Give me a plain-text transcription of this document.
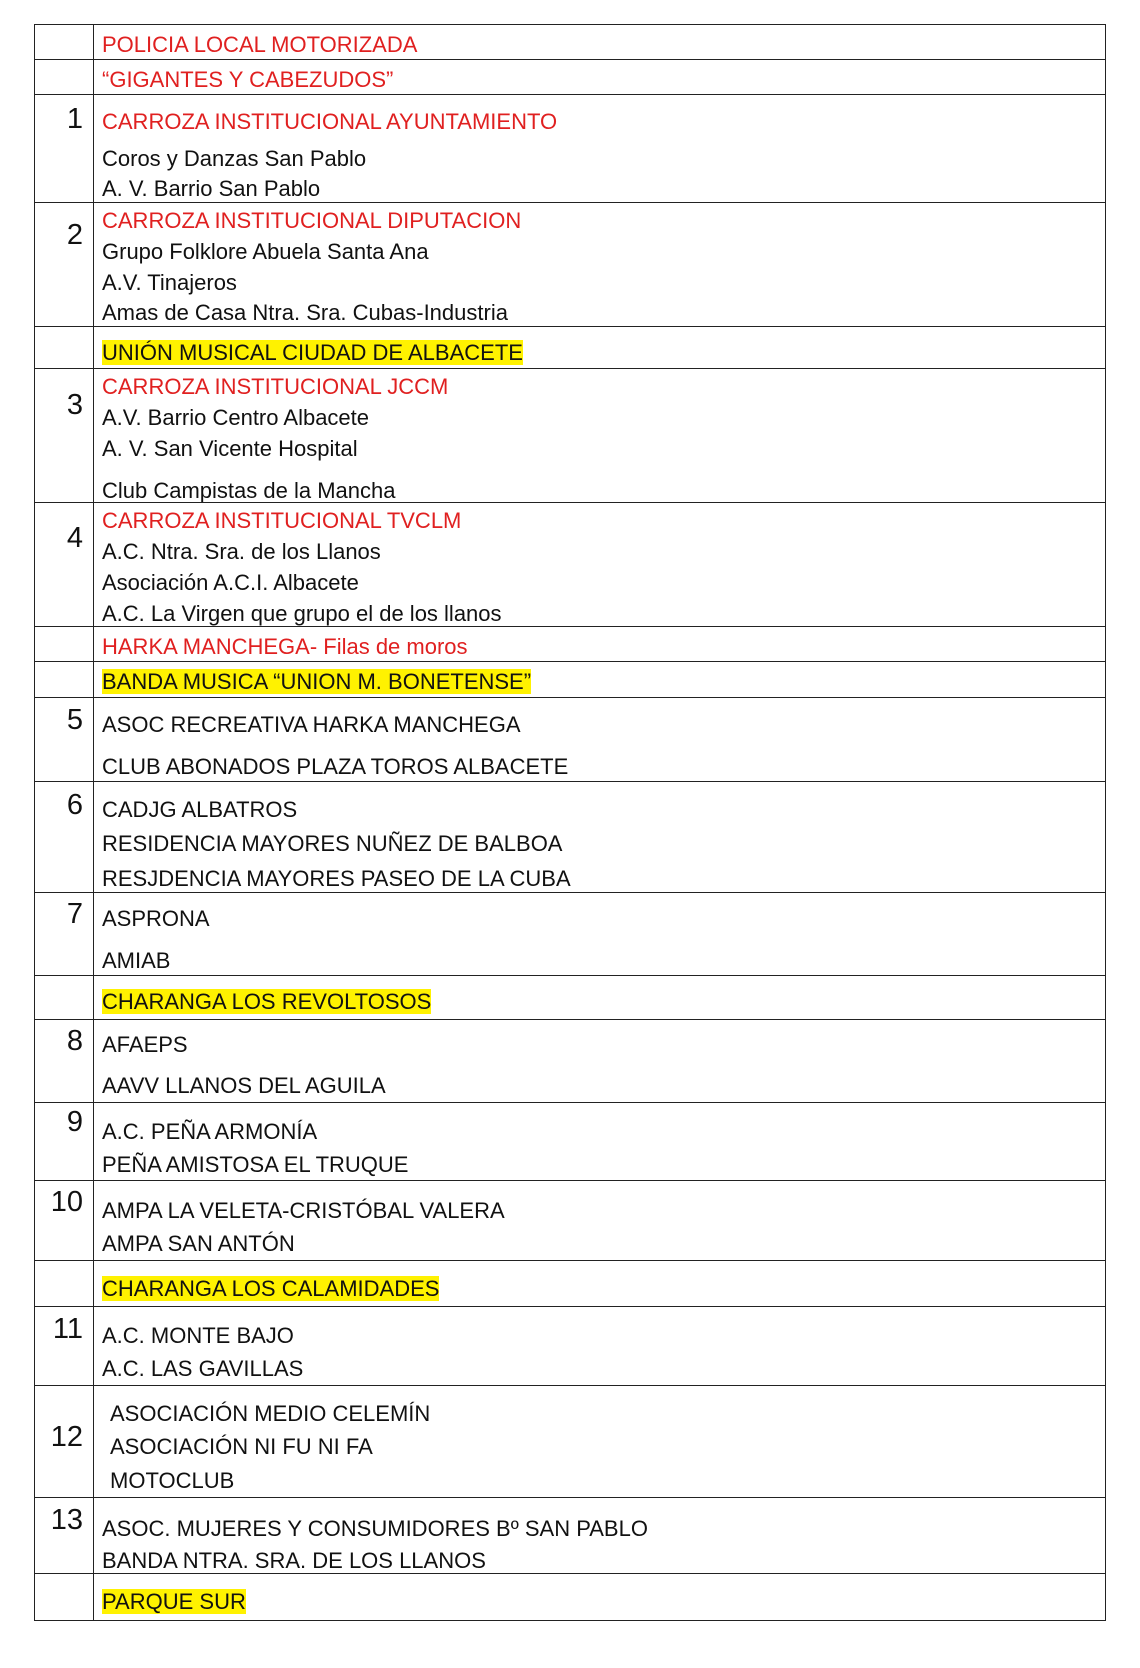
POLICIA LOCAL MOTORIZADA
“GIGANTES Y CABEZUDOS”
1 CARROZA INSTITUCIONAL AYUNTAMIENTO
Coros y Danzas San Pablo
A. V. Barrio San Pablo
2 CARROZA INSTITUCIONAL DIPUTACION
Grupo Folklore Abuela Santa Ana
A.V. Tinajeros
Amas de Casa Ntra. Sra. Cubas-Industria
UNIÓN MUSICAL CIUDAD DE ALBACETE
3
CARROZA INSTITUCIONAL JCCM
A.V. Barrio Centro Albacete
A. V. San Vicente Hospital
Club Campistas de la Mancha
4
CARROZA INSTITUCIONAL TVCLM
A.C. Ntra. Sra. de los Llanos
Asociación A.C.I. Albacete
A.C. La Virgen que grupo el de los llanos
HARKA MANCHEGA- Filas de moros
BANDA MUSICA “UNION M. BONETENSE”
5 ASOC RECREATIVA HARKA MANCHEGA
CLUB ABONADOS PLAZA TOROS ALBACETE
6 CADJG ALBATROS
RESIDENCIA MAYORES NUÑEZ DE BALBOA
RESJDENCIA MAYORES PASEO DE LA CUBA
7 ASPRONA
AMIAB
CHARANGA LOS REVOLTOSOS
8 AFAEPS
AAVV LLANOS DEL AGUILA
9 A.C. PEÑA ARMONÍA
PEÑA AMISTOSA EL TRUQUE
10 AMPA LA VELETA-CRISTÓBAL VALERA
AMPA SAN ANTÓN
CHARANGA LOS CALAMIDADES
11 A.C. MONTE BAJO
A.C. LAS GAVILLAS
12
ASOCIACIÓN MEDIO CELEMÍN
ASOCIACIÓN NI FU NI FA
MOTOCLUB
13 ASOC. MUJERES Y CONSUMIDORES Bº SAN PABLO
BANDA NTRA. SRA. DE LOS LLANOS
PARQUE SUR
